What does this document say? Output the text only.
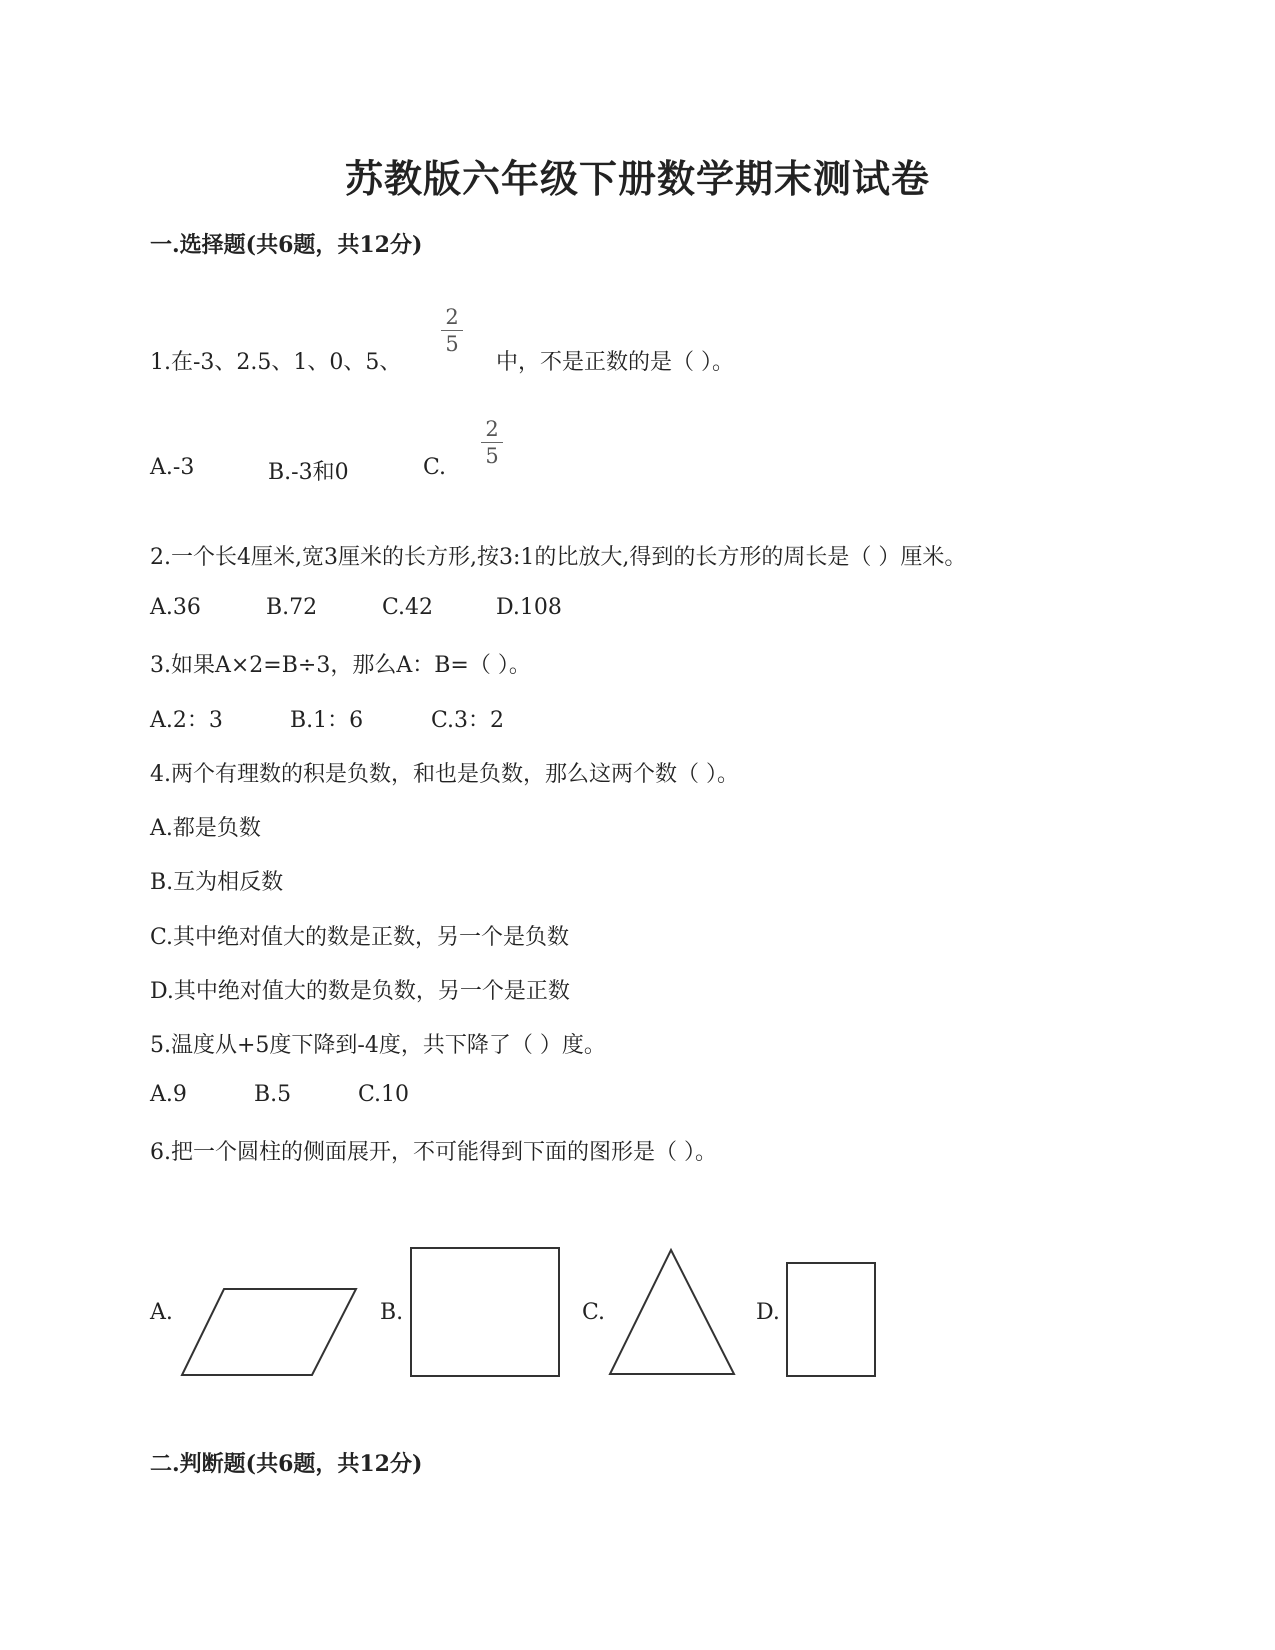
苏教版六年级下册数学期末测试卷
一.选择题(共6题，共12分)
1.在-3、2.5、1、0、5、
2
5
中，不是正数的是（ ）。
A.-3	B.-3和0	C.
2
5
2.一个长4厘米,宽3厘米的长方形,按3:1的比放大,得到的长方形的周长是（ ）厘米。
A.36	B.72	C.42	D.108
3.如果A×2=B÷3，那么A：B=（ ）。
A.2：3	B.1：6	C.3：2
4.两个有理数的积是负数，和也是负数，那么这两个数（ ）。
A.都是负数
B.互为相反数
C.其中绝对值大的数是正数，另一个是负数
D.其中绝对值大的数是负数，另一个是正数
5.温度从+5度下降到-4度，共下降了（ ）度。
A.9	B.5	C.10
6.把一个圆柱的侧面展开，不可能得到下面的图形是（ ）。
A.	B.	C.	D.
二.判断题(共6题，共12分)
